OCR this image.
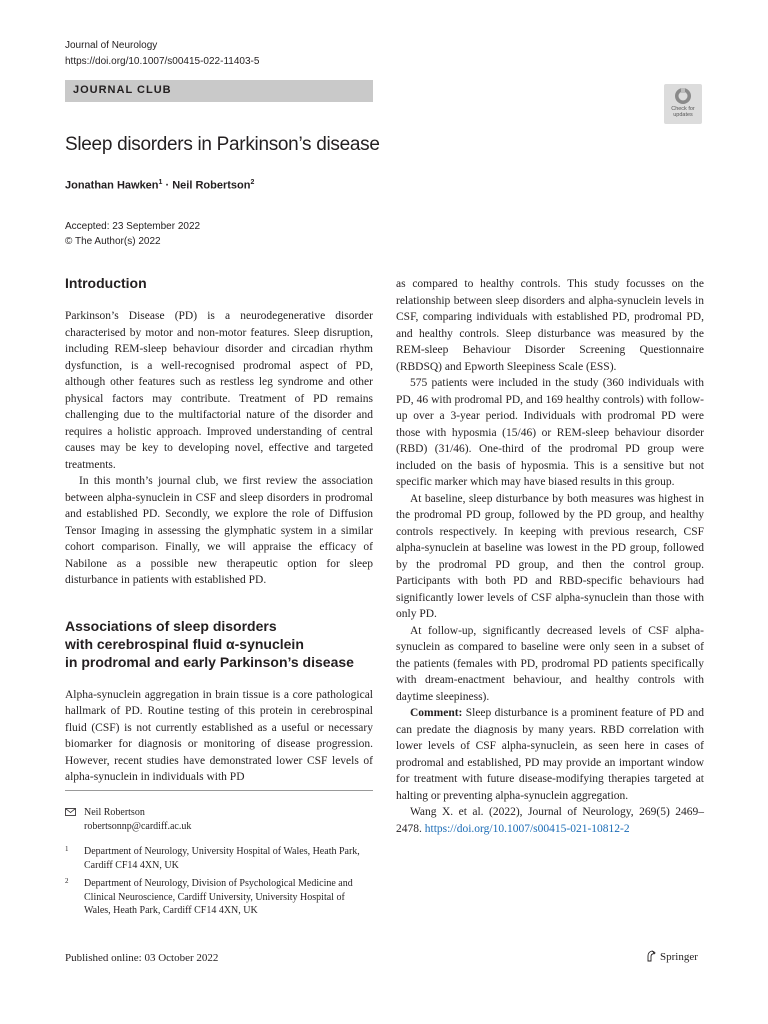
Journal of Neurology
https://doi.org/10.1007/s00415-022-11403-5
JOURNAL CLUB
Check for
updates
Sleep disorders in Parkinson’s disease
Jonathan Hawken$^1$ · Neil Robertson$^2$
Accepted: 23 September 2022
© The Author(s) 2022
Introduction

Parkinson’s Disease (PD) is a neurodegenerative disorder characterised by motor and non-motor features. Sleep disruption, including REM-sleep behaviour disorder and circadian rhythm dysfunction, is a well-recognised prodromal aspect of PD, although other features such as restless leg syndrome and other physical factors may contribute. Treatment of PD remains challenging due to the multifactorial nature of the disorder and requires a holistic approach. Improved understanding of central causes may be key to developing novel, effective and targeted treatments.

In this month’s journal club, we first review the association between alpha-synuclein in CSF and sleep disorders in prodromal and established PD. Secondly, we explore the role of Diffusion Tensor Imaging in assessing the glymphatic system in a similar cohort comparison. Finally, we will appraise the efficacy of Nabilone as a possible new therapeutic option for sleep disturbance in patients with established PD.

Associations of sleep disorders
with cerebrospinal fluid α-synuclein
in prodromal and early Parkinson’s disease

Alpha-synuclein aggregation in brain tissue is a core pathological hallmark of PD. Routine testing of this protein in cerebrospinal fluid (CSF) is not currently established as a useful or necessary biomarker for diagnosis or monitoring of disease progression. However, recent studies have demonstrated lower CSF levels of alpha-synuclein in individuals with PD

as compared to healthy controls. This study focusses on the relationship between sleep disorders and alpha-synuclein levels in CSF, comparing individuals with established PD, prodromal PD, and healthy controls. Sleep disturbance was measured by the REM-sleep Behaviour Disorder Screening Questionnaire (RBDSQ) and Epworth Sleepiness Scale (ESS).

575 patients were included in the study (360 individuals with PD, 46 with prodromal PD, and 169 healthy controls) with follow-up over a 3-year period. Individuals with prodromal PD were those with hyposmia (15/46) or REM-sleep behaviour disorder (RBD) (31/46). One-third of the prodromal PD group were included on the basis of hyposmia. This is a sensitive but not specific marker which may have biased results in this group.

At baseline, sleep disturbance by both measures was highest in the prodromal PD group, followed by the PD group, and healthy controls respectively. In keeping with previous research, CSF alpha-synuclein at baseline was lowest in the PD group, followed by the prodromal PD group, and then the control group. Participants with both PD and RBD-specific behaviours had significantly lower levels of CSF alpha-synuclein than those with only PD.

At follow-up, significantly decreased levels of CSF alpha-synuclein as compared to baseline were only seen in a subset of the patients (females with PD, prodromal PD patients specifically with dream-enactment behaviour, and healthy controls with daytime sleepiness).

Comment: Sleep disturbance is a prominent feature of PD and can predate the diagnosis by many years. RBD correlation with lower levels of CSF alpha-synuclein, as seen here in cases of prodromal and established, PD may provide an important window for treatment with future disease-modifying therapies targeted at halting or preventing alpha-synuclein aggregation.

Wang X. et al. (2022), Journal of Neurology, 269(5) 2469–2478. https://doi.org/10.1007/s00415-021-10812-2

Neil Robertson
robertsonnp@cardiff.ac.uk
1 Department of Neurology, University Hospital of Wales, Heath Park, Cardiff CF14 4XN, UK
2 Department of Neurology, Division of Psychological Medicine and Clinical Neuroscience, Cardiff University, University Hospital of Wales, Heath Park, Cardiff CF14 4XN, UK
Published online: 03 October 2022	Springer
